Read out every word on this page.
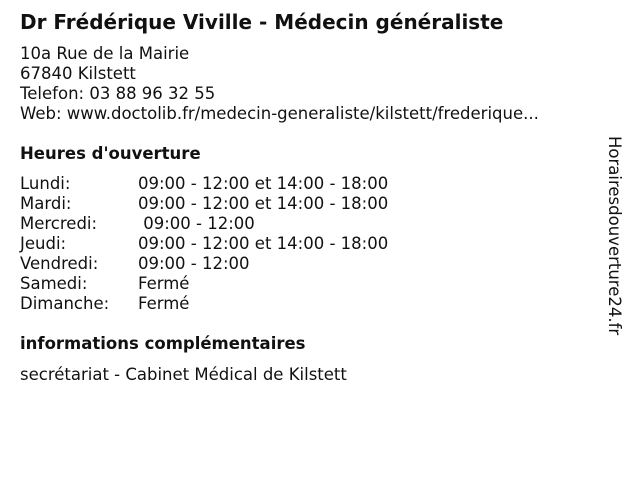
Dr Frédérique Viville - Médecin généraliste
10a Rue de la Mairie
67840 Kilstett
Telefon: 03 88 96 32 55
Web: www.doctolib.fr/medecin-generaliste/kilstett/frederique...
Heures d'ouverture
Lundi:	09:00 - 12:00 et 14:00 - 18:00
Mardi:	09:00 - 12:00 et 14:00 - 18:00
Mercredi:	09:00 - 12:00
Jeudi:	09:00 - 12:00 et 14:00 - 18:00
Vendredi:	09:00 - 12:00
Samedi:	Fermé
Dimanche:	Fermé
informations complémentaires
secrétariat - Cabinet Médical de Kilstett
Horairesdouverture24.fr
